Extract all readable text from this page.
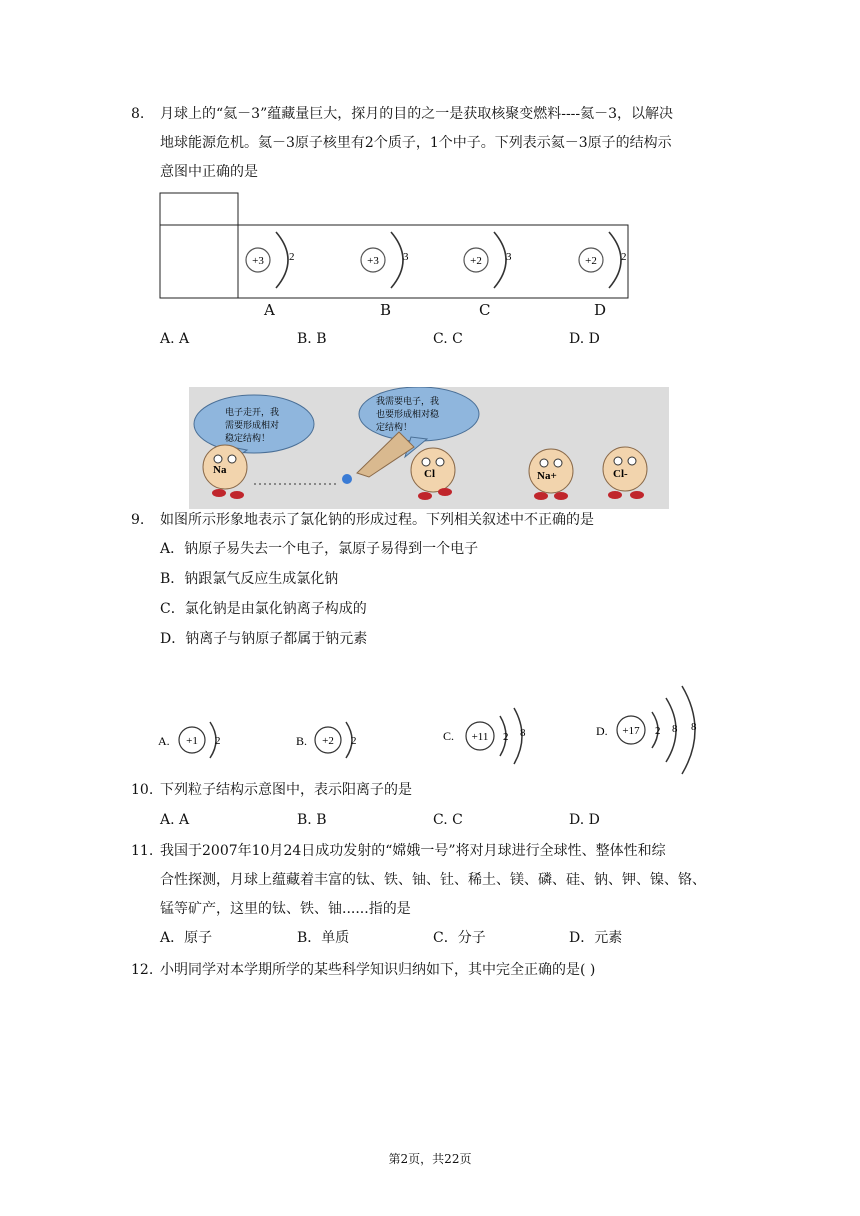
8. 月球上的“氦－3”蕴藏量巨大，探月的目的之一是获取核聚变燃料----氦－3，以解决
地球能源危机。氦－3原子核里有2个质子，1个中子。下列表示氦－3原子的结构示
意图中正确的是
+3 2	+3 3	+2 3	+2 2
A	B	C	D
A. A	B. B	C. C	D. D
电子走开，我
需要形成相对
稳定结构！
我需要电子，我
也要形成相对稳
定结构！
Na	Cl	Na+	Cl-
9. 如图所示形象地表示了氯化钠的形成过程。下列相关叙述中不正确的是
A．钠原子易失去一个电子，氯原子易得到一个电子
B．钠跟氯气反应生成氯化钠
C．氯化钠是由氯化钠离子构成的
D．钠离子与钠原子都属于钠元素
A. +1 2	B. +2 2	C. +11 2 8	D. +17 2 8 8
10. 下列粒子结构示意图中，表示阳离子的是
A. A	B. B	C. C	D. D
11. 我国于2007年10月24日成功发射的“嫦娥一号”将对月球进行全球性、整体性和综
合性探测，月球上蕴藏着丰富的钛、铁、铀、钍、稀土、镁、磷、硅、钠、钾、镍、铬、
锰等矿产，这里的钛、铁、铀......指的是
A．原子	B．单质	C．分子	D．元素
12. 小明同学对本学期所学的某些科学知识归纳如下，其中完全正确的是( )
第2页，共22页
